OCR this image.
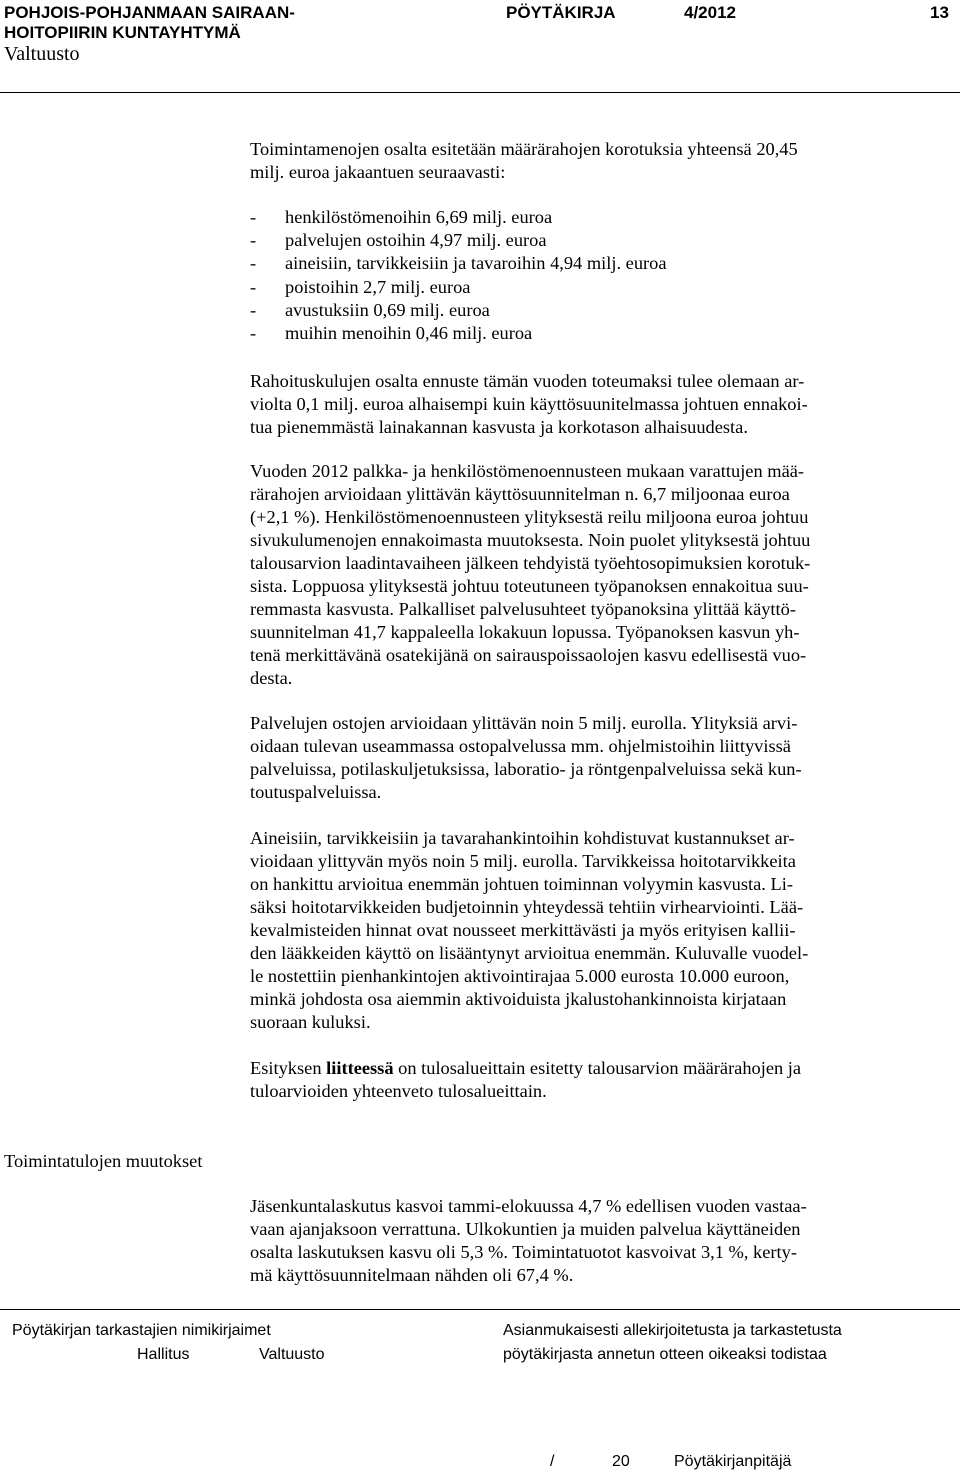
POHJOIS-POHJANMAAN SAIRAAN-
HOITOPIIRIN KUNTAYHTYMÄ
PÖYTÄKIRJA	4/2012	13
Valtuusto
Toimintamenojen osalta esitetään määrärahojen korotuksia yhteensä 20,45
milj. euroa jakaantuen seuraavasti:
- henkilöstömenoihin 6,69 milj. euroa
- palvelujen ostoihin 4,97 milj. euroa
- aineisiin, tarvikkeisiin ja tavaroihin 4,94 milj. euroa
- poistoihin 2,7 milj. euroa
- avustuksiin 0,69 milj. euroa
- muihin menoihin 0,46 milj. euroa
Rahoituskulujen osalta ennuste tämän vuoden toteumaksi tulee olemaan ar-
violta 0,1 milj. euroa alhaisempi kuin käyttösuunitelmassa johtuen ennakoi-
tua pienemmästä lainakannan kasvusta ja korkotason alhaisuudesta.
Vuoden 2012 palkka- ja henkilöstömenoennusteen mukaan varattujen mää-
rärahojen arvioidaan ylittävän käyttösuunnitelman n. 6,7 miljoonaa euroa
(+2,1 %). Henkilöstömenoennusteen ylityksestä reilu miljoona euroa johtuu
sivukulumenojen ennakoimasta muutoksesta. Noin puolet ylityksestä johtuu
talousarvion laadintavaiheen jälkeen tehdyistä työehtosopimuksien korotuk-
sista. Loppuosa ylityksestä johtuu toteutuneen työpanoksen ennakoitua suu-
remmasta kasvusta. Palkalliset palvelusuhteet työpanoksina ylittää käyttö-
suunnitelman 41,7 kappaleella lokakuun lopussa. Työpanoksen kasvun yh-
tenä merkittävänä osatekijänä on sairauspoissaolojen kasvu edellisestä vuo-
desta.
Palvelujen ostojen arvioidaan ylittävän noin 5 milj. eurolla. Ylityksiä arvi-
oidaan tulevan useammassa ostopalvelussa mm. ohjelmistoihin liittyvissä
palveluissa, potilaskuljetuksissa, laboratio- ja röntgenpalveluissa sekä kun-
toutuspalveluissa.
Aineisiin, tarvikkeisiin ja tavarahankintoihin kohdistuvat kustannukset ar-
vioidaan ylittyvän myös noin 5 milj. eurolla. Tarvikkeissa hoitotarvikkeita
on hankittu arvioitua enemmän johtuen toiminnan volyymin kasvusta. Li-
säksi hoitotarvikkeiden budjetoinnin yhteydessä tehtiin virhearviointi. Lää-
kevalmisteiden hinnat ovat nousseet merkittävästi ja myös erityisen kallii-
den lääkkeiden käyttö on lisääntynyt arvioitua enemmän. Kuluvalle vuodel-
le nostettiin pienhankintojen aktivointirajaa 5.000 eurosta 10.000 euroon,
minkä johdosta osa aiemmin aktivoiduista jkalustohankinnoista kirjataan
suoraan kuluksi.
Esityksen liitteessä on tulosalueittain esitetty talousarvion määrärahojen ja
tuloarvioiden yhteenveto tulosalueittain.
Toimintatulojen muutokset
Jäsenkuntalaskutus kasvoi tammi-elokuussa 4,7 % edellisen vuoden vastaa-
vaan ajanjaksoon verrattuna. Ulkokuntien ja muiden palvelua käyttäneiden
osalta laskutuksen kasvu oli 5,3 %. Toimintatuotot kasvoivat 3,1 %, kerty-
mä käyttösuunnitelmaan nähden oli 67,4 %.
Pöytäkirjan tarkastajien nimikirjaimet
Hallitus	Valtuusto
Asianmukaisesti allekirjoitetusta ja tarkastetusta
pöytäkirjasta annetun otteen oikeaksi todistaa
/	20	Pöytäkirjanpitäjä
